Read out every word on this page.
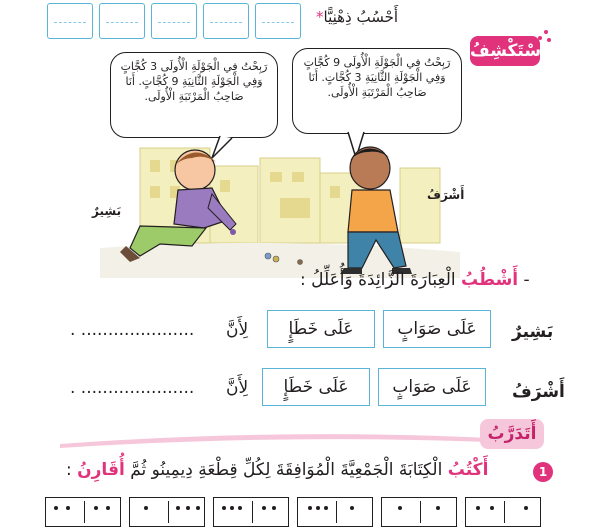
أَحْسُبُ ذِهْنِيًّا*
أَسْتَكْشِفُ
رَبِحْتُ فِي الْجَوْلَةِ الْأُولَى 3 كُجَّاتٍ وَفِي الْجَوْلَةِ الثَّانِيَةِ 9 كُجَّاتٍ. أَنَا صَاحِبُ الْمَرْتَبَةِ الْأُولَى.
رَبِحْتُ فِي الْجَوْلَةِ الْأُولَى 9 كُجَّاتٍ وَفِي الْجَوْلَةِ الثَّانِيَةِ 3 كُجَّاتٍ. أَنَا صَاحِبُ الْمَرْتَبَةِ الْأُولَى.
بَشِيرٌ
أَشْرَفُ
- أَشْطُبُ الْعِبَارَةَ الزَّائِدَةَ وَأُعَلِّلُ :
بَشِيرٌ
عَلَى صَوَابٍ
عَلَى خَطَإٍ
لِأَنَّ
..................... .
أَشْرَفُ
عَلَى صَوَابٍ
عَلَى خَطَإٍ
لِأَنَّ
..................... .
أَتَدَرَّبُ
1
أَكْتُبُ الْكِتَابَةَ الْجَمْعِيَّةَ الْمُوَافِقَةَ لِكُلِّ قِطْعَةِ دِيمِينُو ثُمَّ أُقَارِنُ :
